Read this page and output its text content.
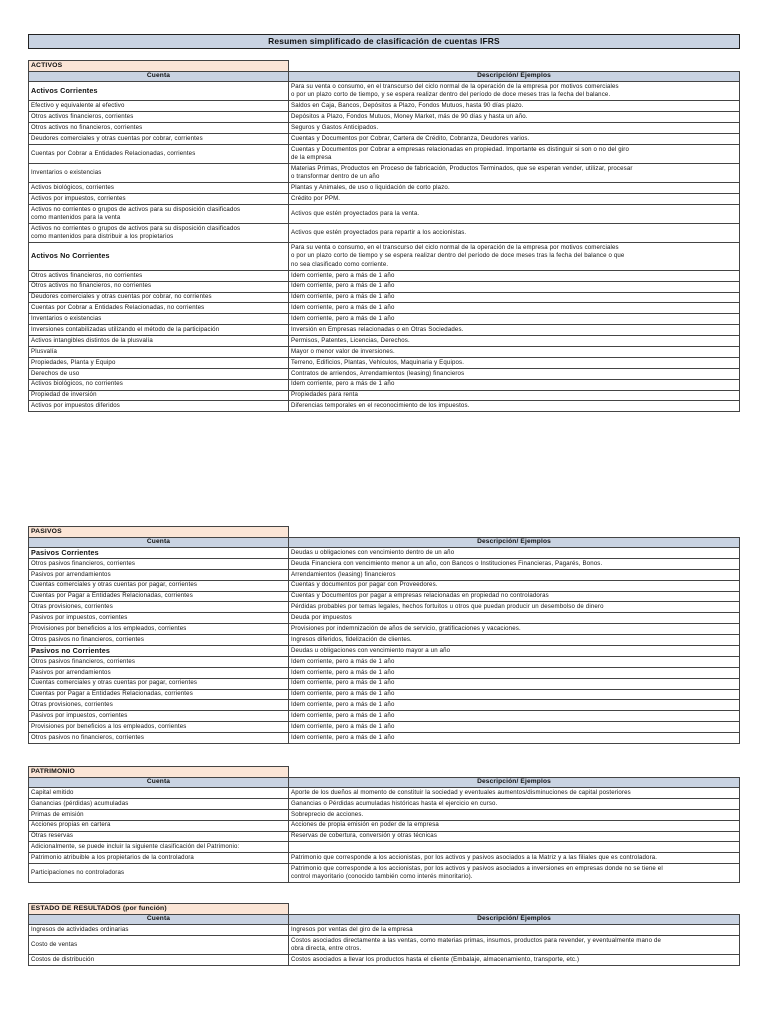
Resumen simplificado de clasificación de cuentas IFRS
ACTIVOS	
Cuenta	Descripción/ Ejemplos

Activos Corrientes	Para su venta o consumo, en el transcurso del ciclo normal de la operación de la empresa por motivos comerciales
o por un plazo corto de tiempo, y se espera realizar dentro del período de doce meses tras la fecha del balance.

Efectivo y equivalente al efectivo	Saldos en Caja, Bancos, Depósitos a Plazo, Fondos Mutuos, hasta 90 días plazo.

Otros activos financieros, corrientes	Depósitos a Plazo, Fondos Mutuos, Money Market, más de 90 días y hasta un año.

Otros activos no financieros, corrientes	Seguros y Gastos Anticipados.

Deudores comerciales y otras cuentas por cobrar, corrientes	Cuentas y Documentos por Cobrar, Cartera de Crédito, Cobranza, Deudores varios.

Cuentas por Cobrar a Entidades Relacionadas, corrientes	Cuentas y Documentos por Cobrar a empresas relacionadas en propiedad. Importante es distinguir si son o no del giro
de la empresa

Inventarios o existencias	Materias Primas, Productos en Proceso de fabricación, Productos Terminados, que se esperan vender, utilizar, procesar
o transformar dentro de un año

Activos biológicos, corrientes	Plantas y Animales, de uso o liquidación de corto plazo.

Activos por impuestos, corrientes	Crédito por PPM.

Activos no corrientes o grupos de activos para su disposición clasificados
como mantenidos para la venta	Activos que estén proyectados para la venta.

Activos no corrientes o grupos de activos para su disposición clasificados
como mantenidos para distribuir a los propietarios	Activos que estén proyectados para repartir a los accionistas.

Activos No Corrientes	Para su venta o consumo, en el transcurso del ciclo normal de la operación de la empresa por motivos comerciales
o por un plazo corto de tiempo y se espera realizar dentro del período de doce meses tras la fecha del balance o que
no sea clasificado como corriente.

Otros activos financieros, no corrientes	Idem corriente, pero a más de 1 año

Otros activos no financieros, no corrientes	Idem corriente, pero a más de 1 año

Deudores comerciales y otras cuentas por cobrar, no corrientes	Idem corriente, pero a más de 1 año

Cuentas por Cobrar a Entidades Relacionadas, no corrientes	Idem corriente, pero a más de 1 año

Inventarios o existencias	Idem corriente, pero a más de 1 año

Inversiones contabilizadas utilizando el método de la participación	Inversión en Empresas relacionadas o en Otras Sociedades.

Activos intangibles distintos de la plusvalía	Permisos, Patentes, Licencias, Derechos.

Plusvalía	Mayor o menor valor de inversiones.

Propiedades, Planta y Equipo	Terreno, Edificios, Plantas, Vehículos, Maquinaria y Equipos.

Derechos de uso	Contratos de arriendos, Arrendamientos (leasing) financieros

Activos biológicos, no corrientes	Idem corriente, pero a más de 1 año

Propiedad de inversión	Propiedades para renta

Activos por impuestos diferidos	Diferencias temporales en el reconocimiento de los impuestos.
PASIVOS	
Cuenta	Descripción/ Ejemplos

Pasivos Corrientes	Deudas u obligaciones con vencimiento dentro de un año

Otros pasivos financieros, corrientes	Deuda Financiera con vencimiento menor a un año, con Bancos o Instituciones Financieras, Pagarés, Bonos.

Pasivos por arrendamientos	Arrendamientos (leasing) financieros

Cuentas comerciales y otras cuentas por pagar, corrientes	Cuentas y documentos por pagar con Proveedores.

Cuentas por Pagar a Entidades Relacionadas, corrientes	Cuentas y Documentos por pagar a empresas relacionadas en propiedad no controladoras

Otras provisiones, corrientes	Pérdidas probables por temas legales, hechos fortuitos u otros que puedan producir un desembolso de dinero

Pasivos por impuestos, corrientes	Deuda por impuestos

Provisiones por beneficios a los empleados, corrientes	Provisiones por indemnización de años de servicio, gratificaciones y vacaciones.

Otros pasivos no financieros, corrientes	Ingresos diferidos, fidelización de clientes.

Pasivos no Corrientes	Deudas u obligaciones con vencimiento mayor a un año

Otros pasivos financieros, corrientes	Idem corriente, pero a más de 1 año

Pasivos por arrendamientos	Idem corriente, pero a más de 1 año

Cuentas comerciales y otras cuentas por pagar, corrientes	Idem corriente, pero a más de 1 año

Cuentas por Pagar a Entidades Relacionadas, corrientes	Idem corriente, pero a más de 1 año

Otras provisiones, corrientes	Idem corriente, pero a más de 1 año

Pasivos por impuestos, corrientes	Idem corriente, pero a más de 1 año

Provisiones por beneficios a los empleados, corrientes	Idem corriente, pero a más de 1 año

Otros pasivos no financieros, corrientes	Idem corriente, pero a más de 1 año
PATRIMONIO	
Cuenta	Descripción/ Ejemplos

Capital emitido	Aporte de los dueños al momento de constituir la sociedad y eventuales aumentos/disminuciones de capital posteriores

Ganancias (pérdidas) acumuladas	Ganancias o Pérdidas acumuladas históricas hasta el ejercicio en curso.

Primas de emisión	Sobreprecio de acciones.

Acciones propias en cartera	Acciones de propia emisión en poder de la empresa

Otras reservas	Reservas de cobertura, conversión y otras técnicas

Adicionalmente, se puede incluir la siguiente clasificación del Patrimonio:	

Patrimonio atribuible a los propietarios de la controladora	Patrimonio que corresponde a los accionistas, por los activos y pasivos asociados a la Matriz y a las filiales que es controladora.

Participaciones no controladoras	Patrimonio que corresponde a los accionistas, por los activos y pasivos asociados a inversiones en empresas donde no se tiene el
control mayoritario (conocido también como interés minoritario).
ESTADO DE RESULTADOS (por función)	
Cuenta	Descripción/ Ejemplos

Ingresos de actividades ordinarias	Ingresos por ventas del giro de la empresa

Costo de ventas	Costos asociados directamente a las ventas, como materias primas, insumos, productos para revender, y eventualmente mano de
obra directa, entre otros.

Costos de distribución	Costos asociados a llevar los productos hasta el cliente (Embalaje, almacenamiento, transporte, etc.)
